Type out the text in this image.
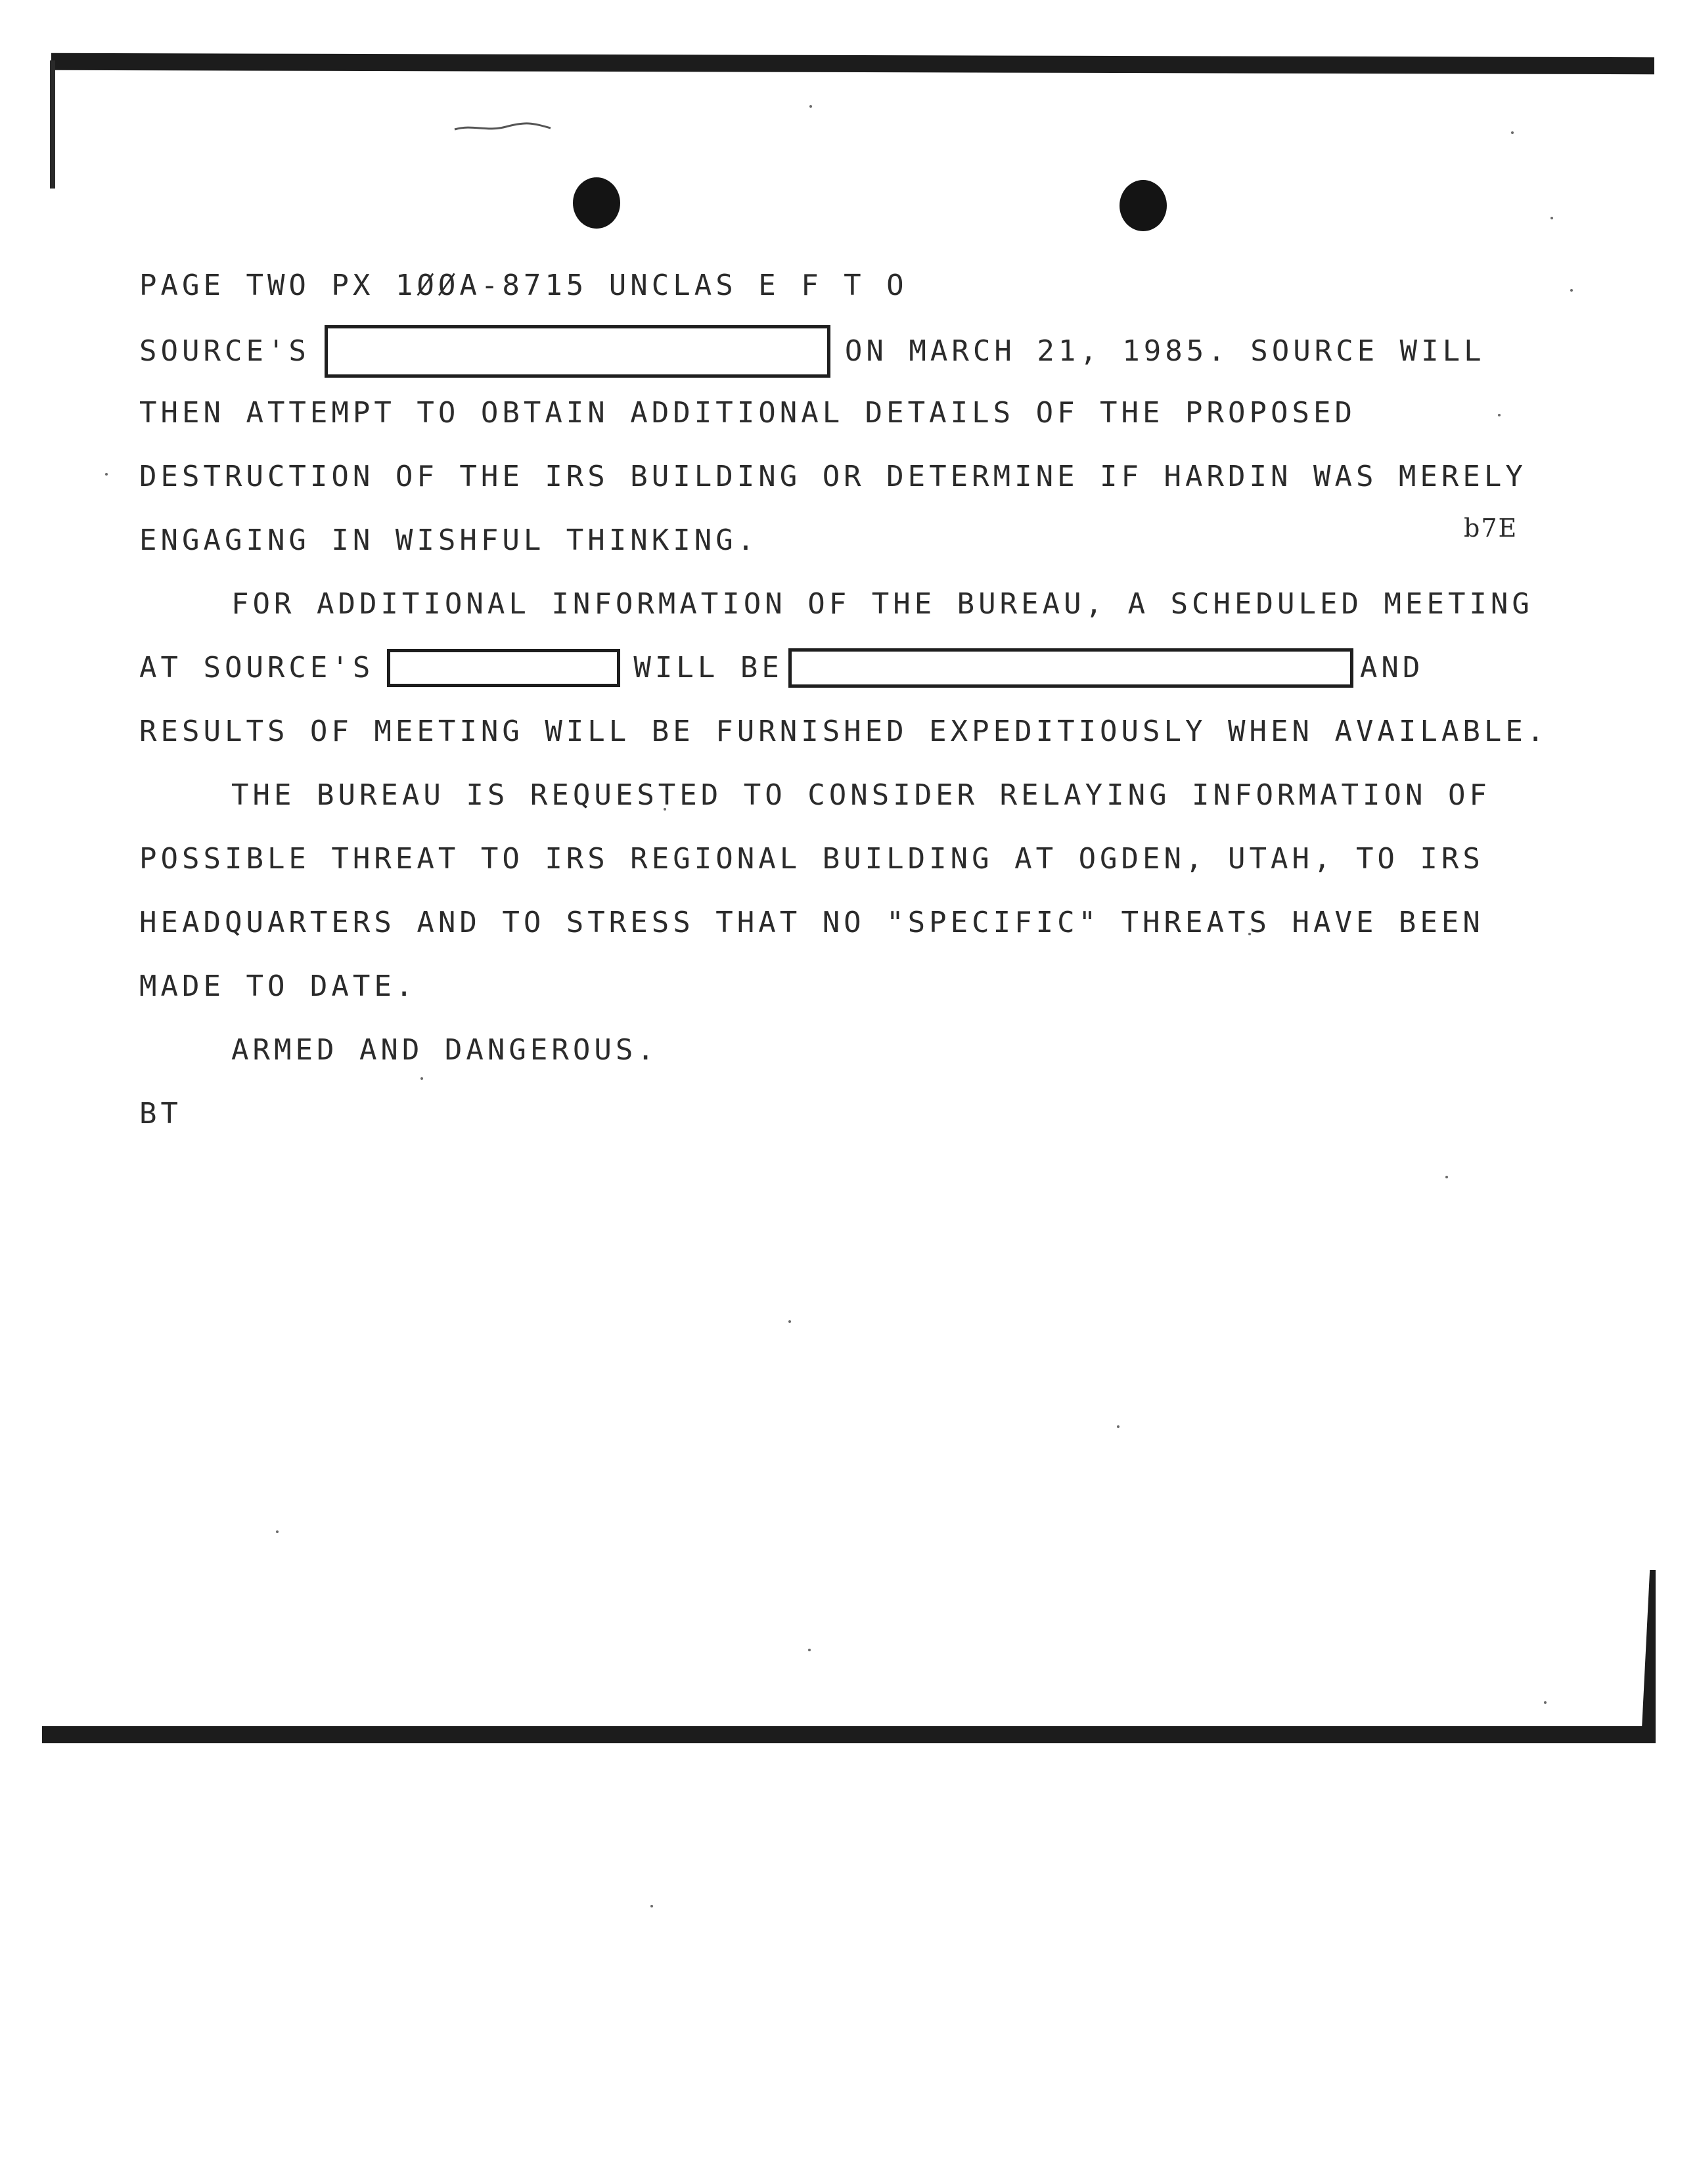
b7E
PAGE TWO PX 1ØØA-8715 UNCLAS E F T O
SOURCE'S	ON MARCH 21, 1985. SOURCE WILL
THEN ATTEMPT TO OBTAIN ADDITIONAL DETAILS OF THE PROPOSED
DESTRUCTION OF THE IRS BUILDING OR DETERMINE IF HARDIN WAS MERELY
ENGAGING IN WISHFUL THINKING.
FOR ADDITIONAL INFORMATION OF THE BUREAU, A SCHEDULED MEETING
AT SOURCE'S	WILL BE	AND
RESULTS OF MEETING WILL BE FURNISHED EXPEDITIOUSLY WHEN AVAILABLE.
THE BUREAU IS REQUESTED TO CONSIDER RELAYING INFORMATION OF
POSSIBLE THREAT TO IRS REGIONAL BUILDING AT OGDEN, UTAH, TO IRS
HEADQUARTERS AND TO STRESS THAT NO "SPECIFIC" THREATS HAVE BEEN
MADE TO DATE.
ARMED AND DANGEROUS.
BT
